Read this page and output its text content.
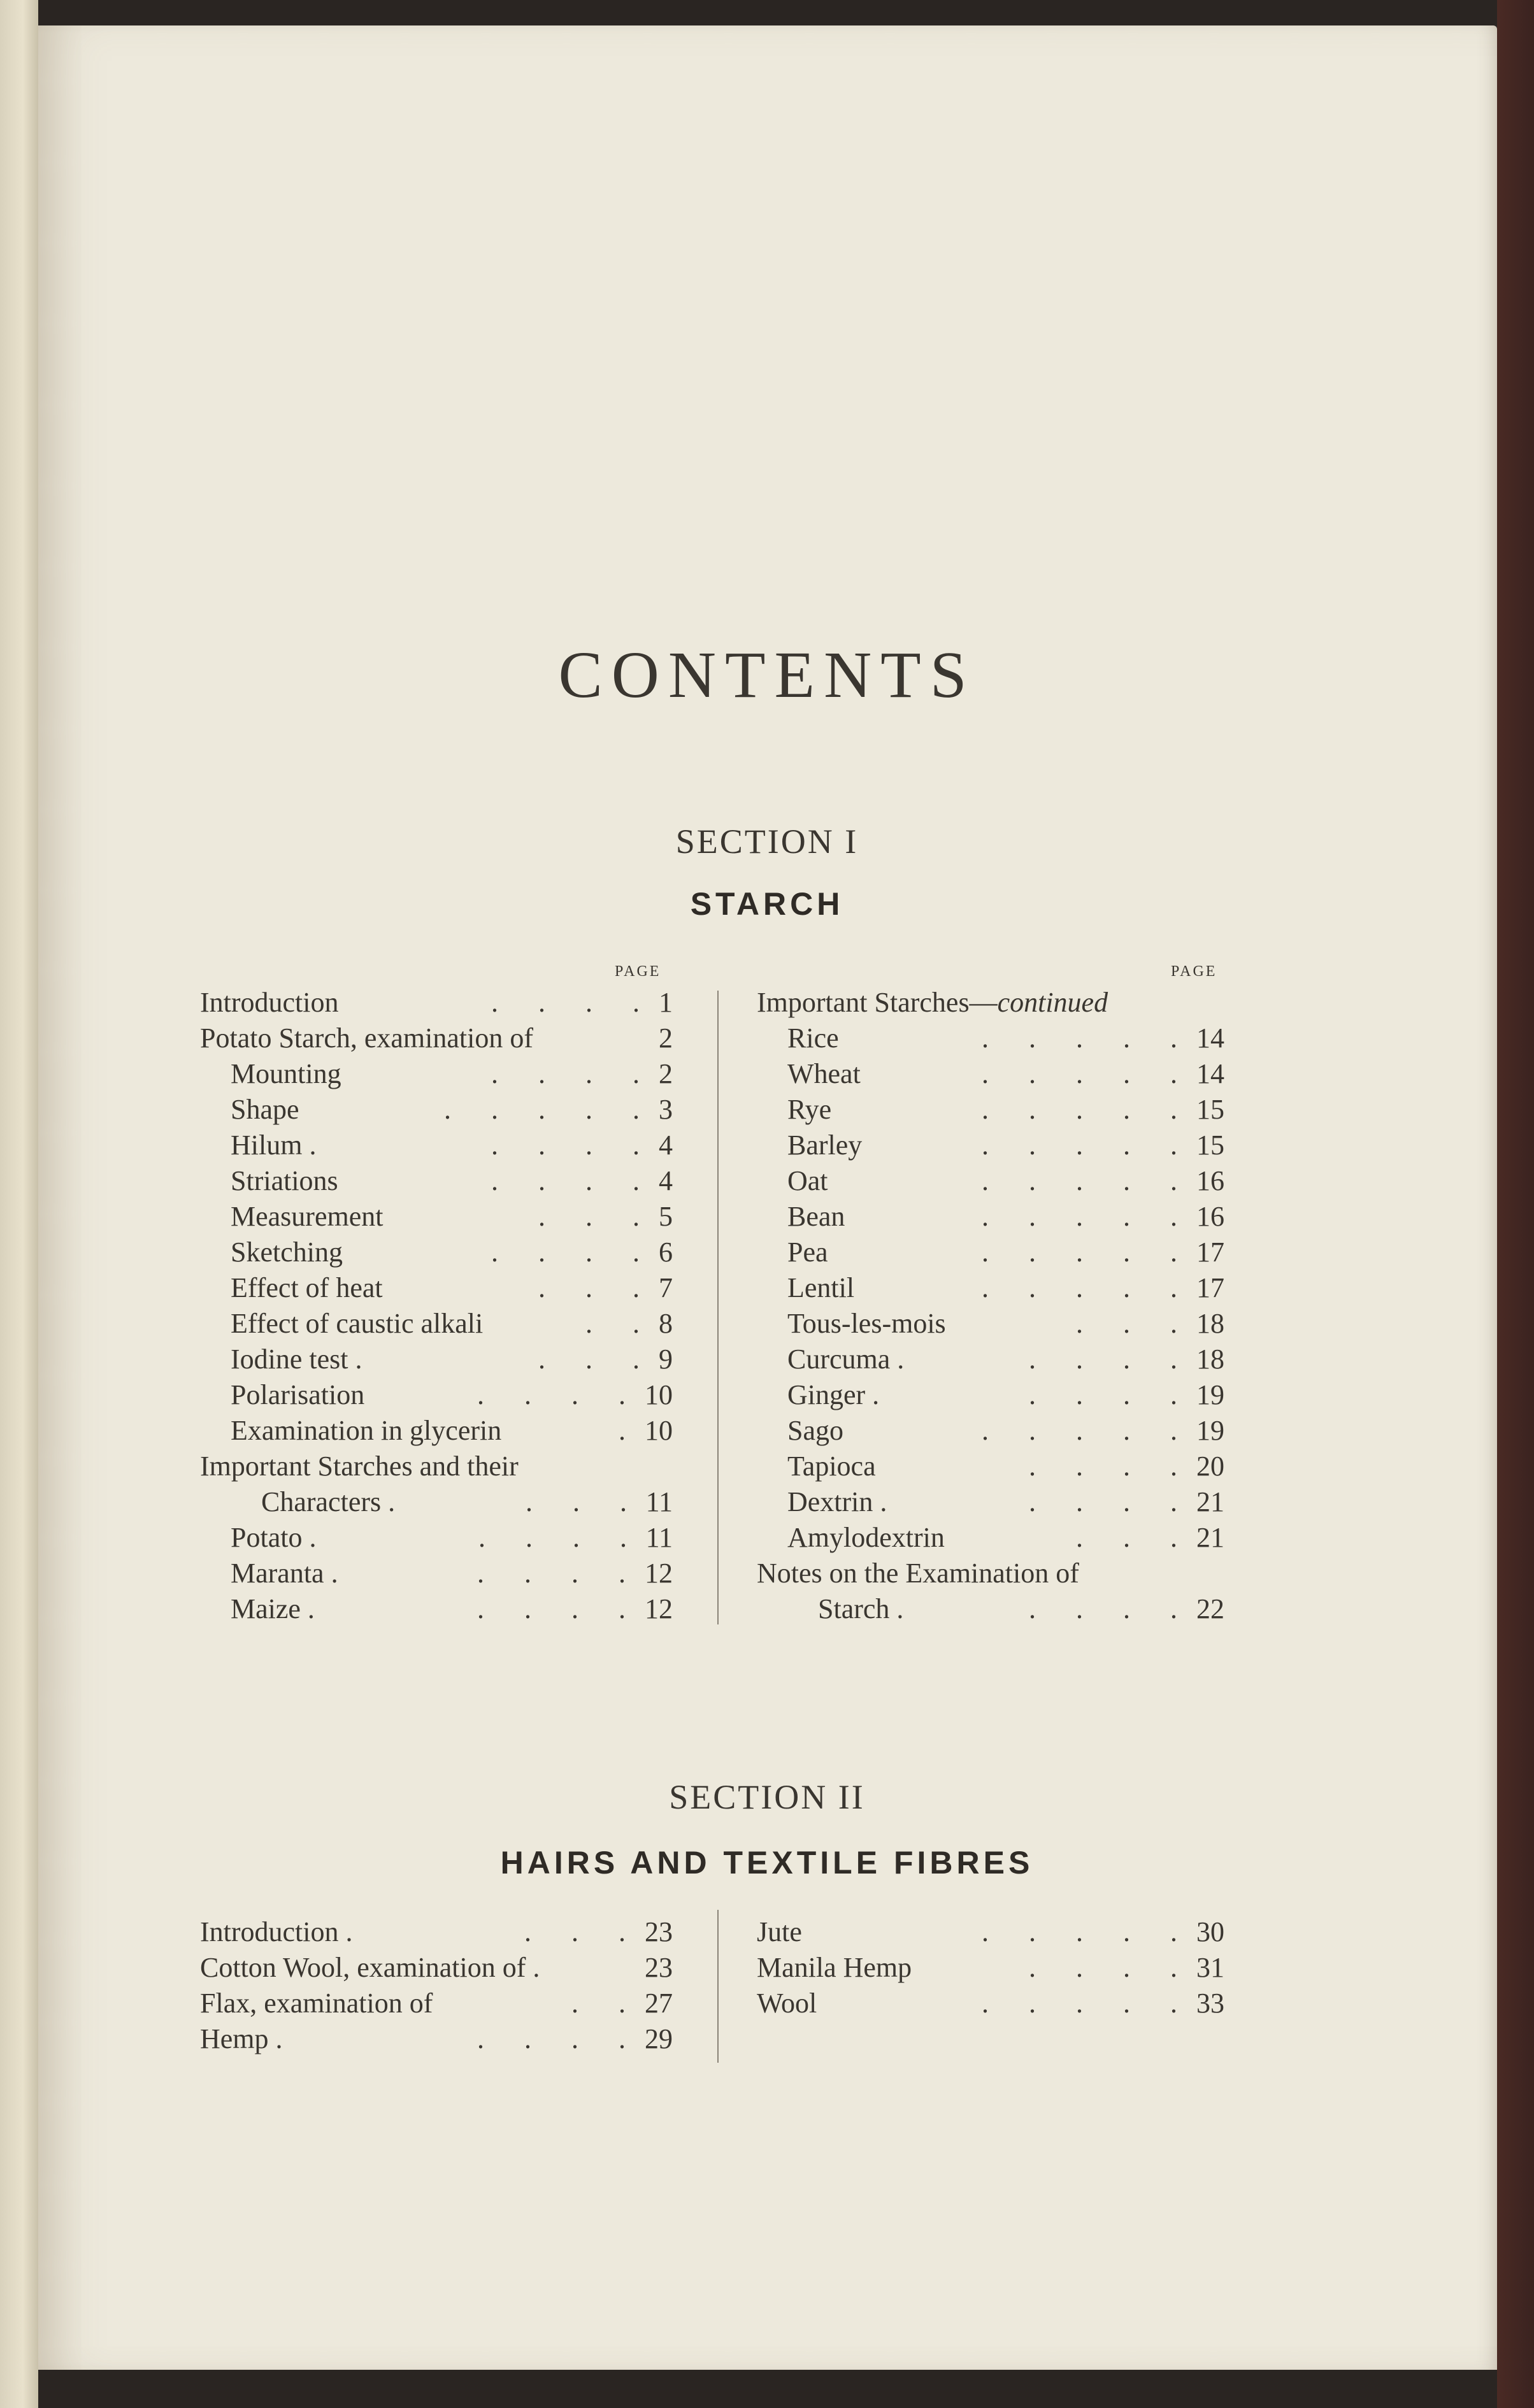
CONTENTS
SECTION I
STARCH
PAGE	PAGE
Introduction	. . . . 1
Potato Starch, examination of	2
Mounting	. . . . 2
Shape	. . . . . 3
Hilum .	. . . . 4
Striations	. . . . 4
Measurement	. . . 5
Sketching	. . . . 6
Effect of heat	. . . 7
Effect of caustic alkali	. . 8
Iodine test .	. . . 9
Polarisation	. . . . 10
Examination in glycerin	. 10
Important Starches and their
Characters .	. . . 11
Potato .	. . . . 11
Maranta .	. . . . 12
Maize .	. . . . 12
Important Starches—continued
Rice	. . . . . 14
Wheat	. . . . . 14
Rye	. . . . . 15
Barley	. . . . . 15
Oat	. . . . . 16
Bean	. . . . . 16
Pea	. . . . . 17
Lentil	. . . . . 17
Tous-les-mois	. . . 18
Curcuma .	. . . . 18
Ginger .	. . . . 19
Sago	. . . . . 19
Tapioca	. . . . 20
Dextrin .	. . . . 21
Amylodextrin	. . . 21
Notes on the Examination of
Starch .	. . . . 22
SECTION II
HAIRS AND TEXTILE FIBRES
Introduction .	. . . 23
Cotton Wool, examination of .	23
Flax, examination of	. . 27
Hemp .	. . . . 29
Jute	. . . . . 30
Manila Hemp	. . . . 31
Wool	. . . . . 33
